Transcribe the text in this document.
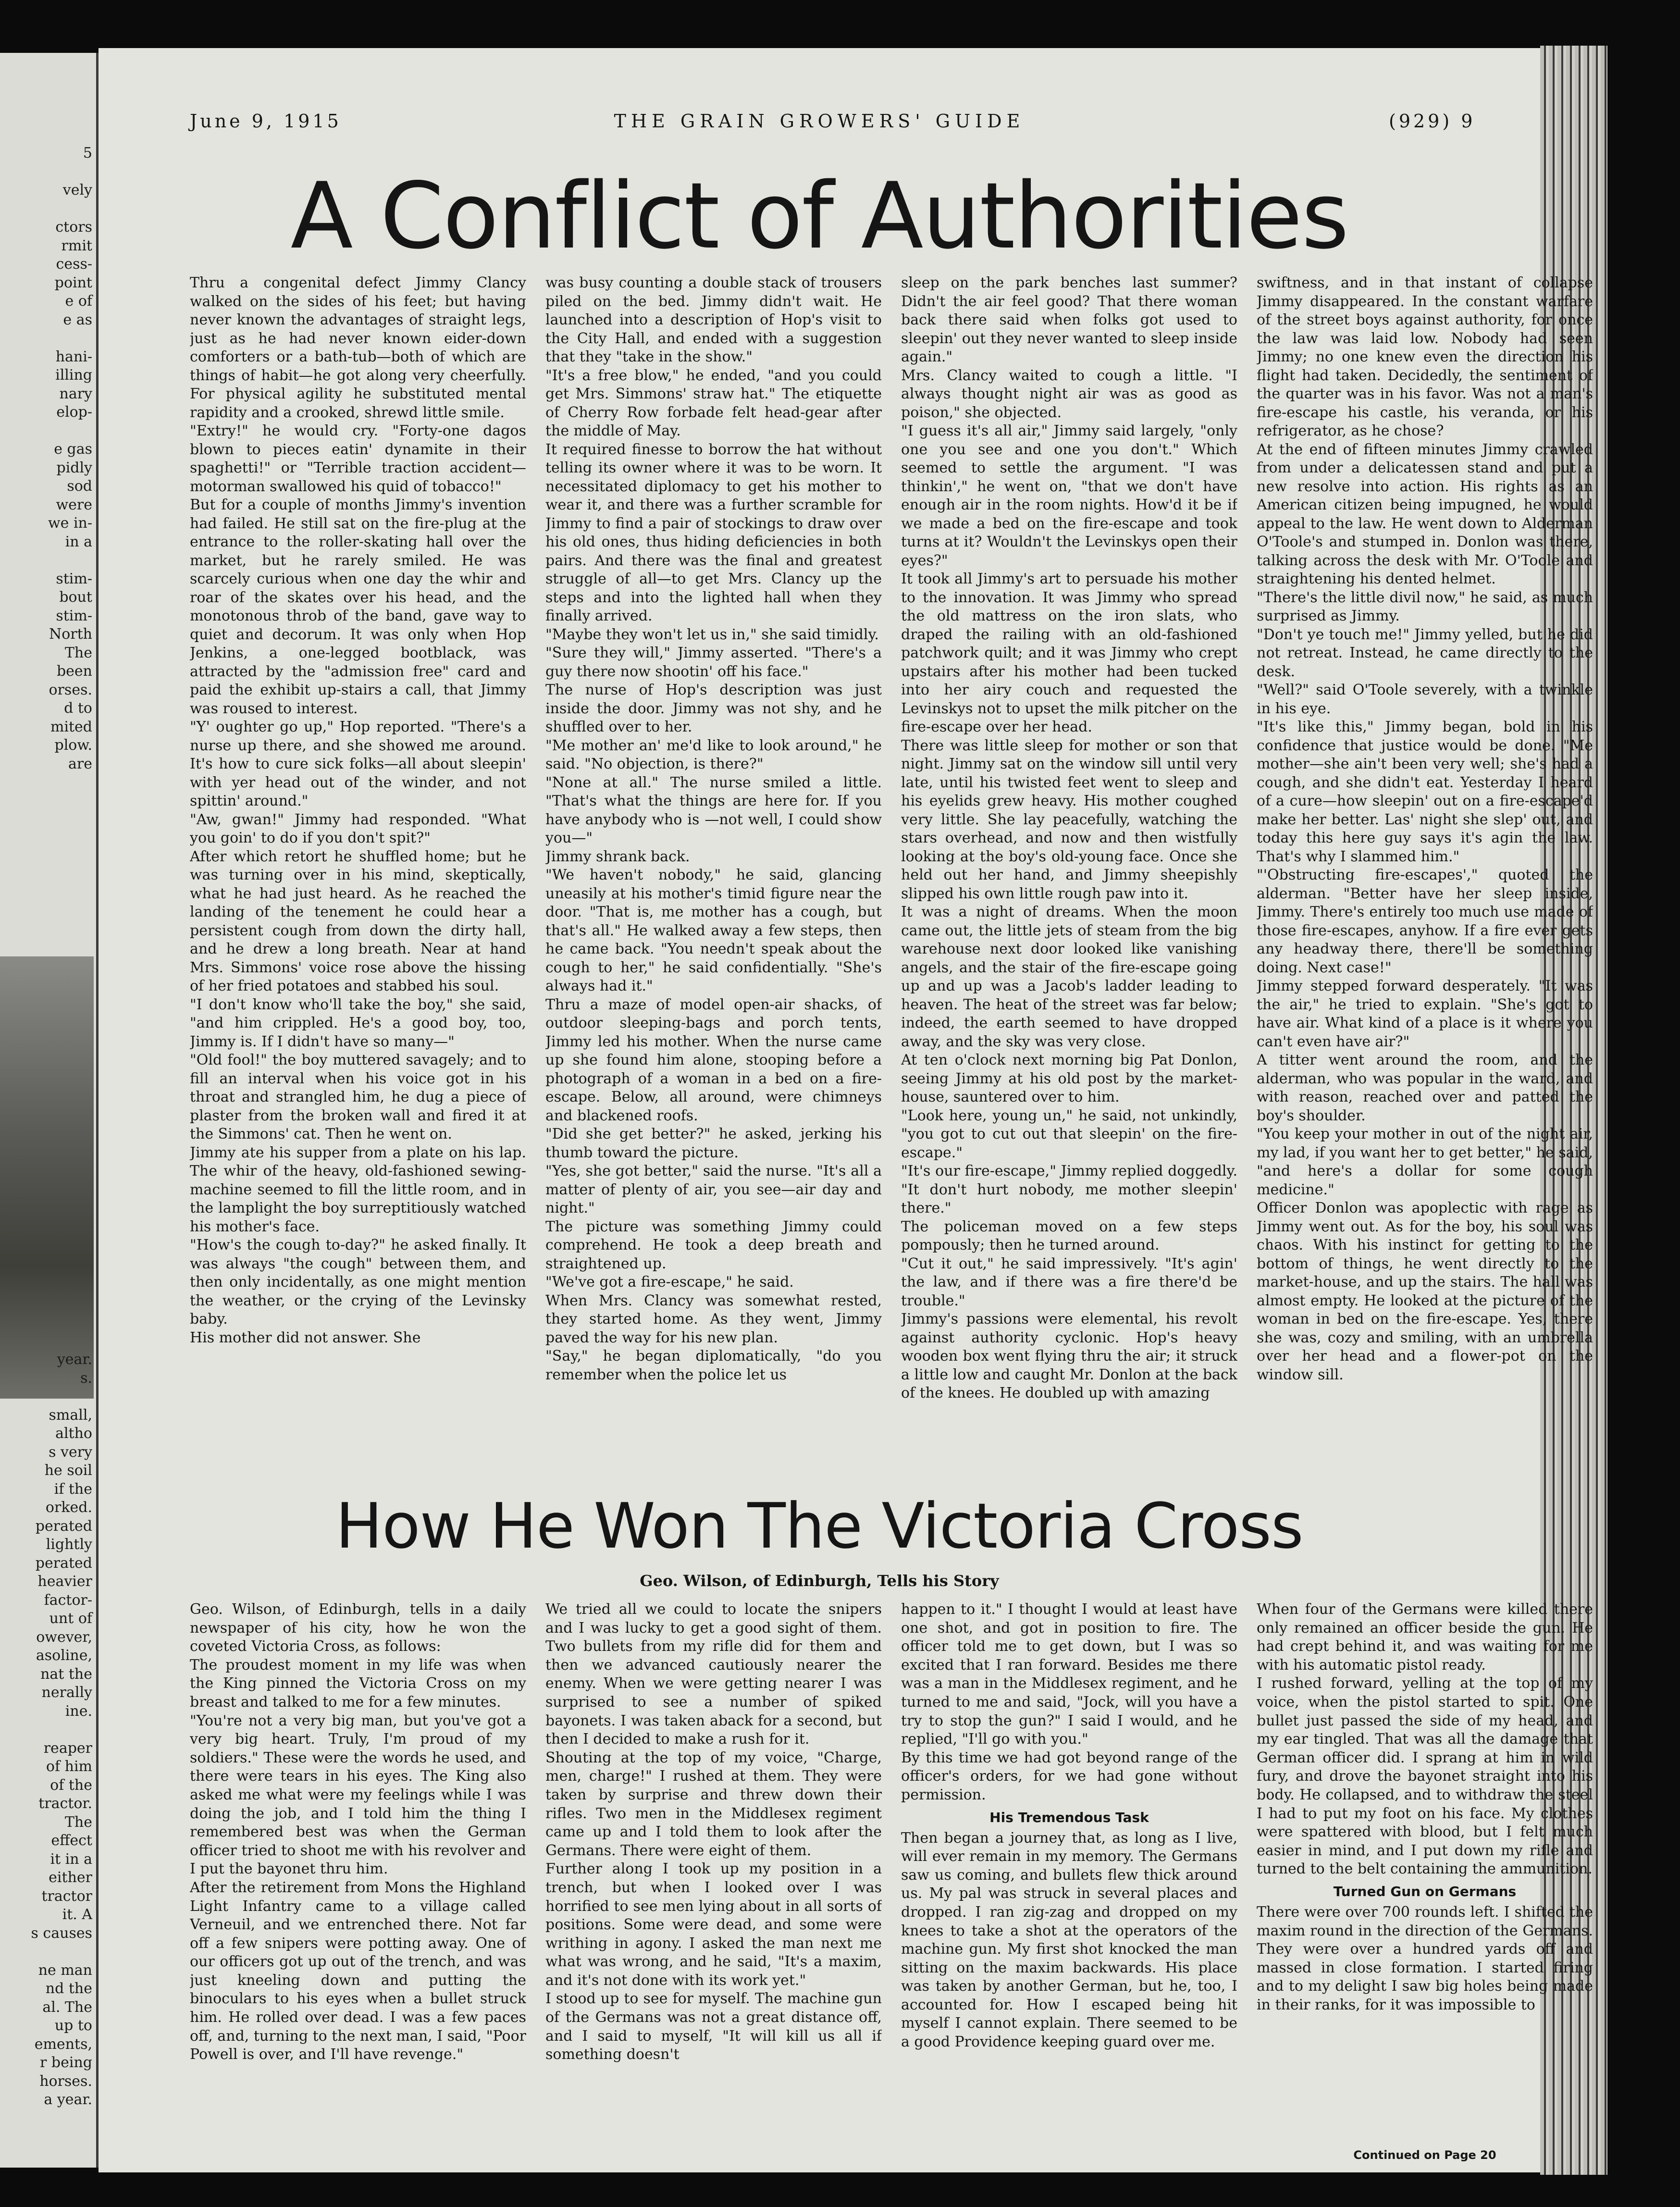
5

vely

ctors
rmit
cess-
point
e of
e as

hani-
illing
nary
elop-

e gas
pidly
sod
were
we in-
in a

stim-
bout
stim-
North
The
been
orses.
d to
mited
plow.
are
year.
s.

small,
altho
s very
he soil
if the
orked.
perated
lightly
perated
heavier
factor-
unt of
owever,
asoline,
nat the
nerally
ine.

reaper
of him
of the
tractor.
The
effect
it in a
either
tractor
it. A
s causes

ne man
nd the
al. The
up to
ements,
r being
horses.
a year.
June 9, 1915	THE GRAIN GROWERS' GUIDE	(929) 9
A Conflict of Authorities
Thru a congenital defect Jimmy Clancy walked on the sides of his feet; but having never known the advantages of straight legs, just as he had never known eider-down comforters or a bath-tub—both of which are things of habit—he got along very cheerfully. For physical agility he substituted mental rapidity and a crooked, shrewd little smile.
"Extry!" he would cry. "Forty-one dagos blown to pieces eatin' dynamite in their spaghetti!" or "Terrible traction accident—motorman swallowed his quid of tobacco!"
But for a couple of months Jimmy's invention had failed. He still sat on the fire-plug at the entrance to the roller-skating hall over the market, but he rarely smiled. He was scarcely curious when one day the whir and roar of the skates over his head, and the monotonous throb of the band, gave way to quiet and decorum. It was only when Hop Jenkins, a one-legged bootblack, was attracted by the "admission free" card and paid the exhibit up-stairs a call, that Jimmy was roused to interest.
"Y' oughter go up," Hop reported. "There's a nurse up there, and she showed me around. It's how to cure sick folks—all about sleepin' with yer head out of the winder, and not spittin' around."
"Aw, gwan!" Jimmy had responded. "What you goin' to do if you don't spit?"
After which retort he shuffled home; but he was turning over in his mind, skeptically, what he had just heard. As he reached the landing of the tenement he could hear a persistent cough from down the dirty hall, and he drew a long breath. Near at hand Mrs. Simmons' voice rose above the hissing of her fried potatoes and stabbed his soul.
"I don't know who'll take the boy," she said, "and him crippled. He's a good boy, too, Jimmy is. If I didn't have so many—"
"Old fool!" the boy muttered savagely; and to fill an interval when his voice got in his throat and strangled him, he dug a piece of plaster from the broken wall and fired it at the Simmons' cat. Then he went on.
Jimmy ate his supper from a plate on his lap. The whir of the heavy, old-fashioned sewing-machine seemed to fill the little room, and in the lamplight the boy surreptitiously watched his mother's face.
"How's the cough to-day?" he asked finally. It was always "the cough" between them, and then only incidentally, as one might mention the weather, or the crying of the Levinsky baby.
His mother did not answer. She
was busy counting a double stack of trousers piled on the bed. Jimmy didn't wait. He launched into a description of Hop's visit to the City Hall, and ended with a suggestion that they "take in the show."
"It's a free blow," he ended, "and you could get Mrs. Simmons' straw hat." The etiquette of Cherry Row forbade felt head-gear after the middle of May.
It required finesse to borrow the hat without telling its owner where it was to be worn. It necessitated diplomacy to get his mother to wear it, and there was a further scramble for Jimmy to find a pair of stockings to draw over his old ones, thus hiding deficiencies in both pairs. And there was the final and greatest struggle of all—to get Mrs. Clancy up the steps and into the lighted hall when they finally arrived.
"Maybe they won't let us in," she said timidly.
"Sure they will," Jimmy asserted. "There's a guy there now shootin' off his face."
The nurse of Hop's description was just inside the door. Jimmy was not shy, and he shuffled over to her.
"Me mother an' me'd like to look around," he said. "No objection, is there?"
"None at all." The nurse smiled a little. "That's what the things are here for. If you have anybody who is —not well, I could show you—"
Jimmy shrank back.
"We haven't nobody," he said, glancing uneasily at his mother's timid figure near the door. "That is, me mother has a cough, but that's all." He walked away a few steps, then he came back. "You needn't speak about the cough to her," he said confidentially. "She's always had it."
Thru a maze of model open-air shacks, of outdoor sleeping-bags and porch tents, Jimmy led his mother. When the nurse came up she found him alone, stooping before a photograph of a woman in a bed on a fire-escape. Below, all around, were chimneys and blackened roofs.
"Did she get better?" he asked, jerking his thumb toward the picture.
"Yes, she got better," said the nurse. "It's all a matter of plenty of air, you see—air day and night."
The picture was something Jimmy could comprehend. He took a deep breath and straightened up.
"We've got a fire-escape," he said.
When Mrs. Clancy was somewhat rested, they started home. As they went, Jimmy paved the way for his new plan.
"Say," he began diplomatically, "do you remember when the police let us
sleep on the park benches last summer? Didn't the air feel good? That there woman back there said when folks got used to sleepin' out they never wanted to sleep inside again."
Mrs. Clancy waited to cough a little. "I always thought night air was as good as poison," she objected.
"I guess it's all air," Jimmy said largely, "only one you see and one you don't." Which seemed to settle the argument. "I was thinkin'," he went on, "that we don't have enough air in the room nights. How'd it be if we made a bed on the fire-escape and took turns at it? Wouldn't the Levinskys open their eyes?"
It took all Jimmy's art to persuade his mother to the innovation. It was Jimmy who spread the old mattress on the iron slats, who draped the railing with an old-fashioned patchwork quilt; and it was Jimmy who crept upstairs after his mother had been tucked into her airy couch and requested the Levinskys not to upset the milk pitcher on the fire-escape over her head.
There was little sleep for mother or son that night. Jimmy sat on the window sill until very late, until his twisted feet went to sleep and his eyelids grew heavy. His mother coughed very little. She lay peacefully, watching the stars overhead, and now and then wistfully looking at the boy's old-young face. Once she held out her hand, and Jimmy sheepishly slipped his own little rough paw into it.
It was a night of dreams. When the moon came out, the little jets of steam from the big warehouse next door looked like vanishing angels, and the stair of the fire-escape going up and up was a Jacob's ladder leading to heaven. The heat of the street was far below; indeed, the earth seemed to have dropped away, and the sky was very close.
At ten o'clock next morning big Pat Donlon, seeing Jimmy at his old post by the market-house, sauntered over to him.
"Look here, young un," he said, not unkindly, "you got to cut out that sleepin' on the fire-escape."
"It's our fire-escape," Jimmy replied doggedly. "It don't hurt nobody, me mother sleepin' there."
The policeman moved on a few steps pompously; then he turned around.
"Cut it out," he said impressively. "It's agin' the law, and if there was a fire there'd be trouble."
Jimmy's passions were elemental, his revolt against authority cyclonic. Hop's heavy wooden box went flying thru the air; it struck a little low and caught Mr. Donlon at the back of the knees. He doubled up with amazing
swiftness, and in that instant of collapse Jimmy disappeared. In the constant warfare of the street boys against authority, for once the law was laid low. Nobody had seen Jimmy; no one knew even the direction his flight had taken. Decidedly, the sentiment of the quarter was in his favor. Was not a man's fire-escape his castle, his veranda, or his refrigerator, as he chose?
At the end of fifteen minutes Jimmy crawled from under a delicatessen stand and put a new resolve into action. His rights as an American citizen being impugned, he would appeal to the law. He went down to Alderman O'Toole's and stumped in. Donlon was there, talking across the desk with Mr. O'Toole and straightening his dented helmet.
"There's the little divil now," he said, as much surprised as Jimmy.
"Don't ye touch me!" Jimmy yelled, but he did not retreat. Instead, he came directly to the desk.
"Well?" said O'Toole severely, with a twinkle in his eye.
"It's like this," Jimmy began, bold in his confidence that justice would be done. "Me mother—she ain't been very well; she's had a cough, and she didn't eat. Yesterday I heard of a cure—how sleepin' out on a fire-escape'd make her better. Las' night she slep' out, and today this here guy says it's agin the law. That's why I slammed him."
"'Obstructing fire-escapes'," quoted the alderman. "Better have her sleep inside, Jimmy. There's entirely too much use made of those fire-escapes, anyhow. If a fire ever gets any headway there, there'll be something doing. Next case!"
Jimmy stepped forward desperately. "It was the air," he tried to explain. "She's got to have air. What kind of a place is it where you can't even have air?"
A titter went around the room, and the alderman, who was popular in the ward, and with reason, reached over and patted the boy's shoulder.
"You keep your mother in out of the night air, my lad, if you want her to get better," he said, "and here's a dollar for some cough medicine."
Officer Donlon was apoplectic with rage as Jimmy went out. As for the boy, his soul was chaos. With his instinct for getting to the bottom of things, he went directly to the market-house, and up the stairs. The hall was almost empty. He looked at the picture of the woman in bed on the fire-escape. Yes, there she was, cozy and smiling, with an umbrella over her head and a flower-pot on the window sill.
How He Won The Victoria Cross
Geo. Wilson, of Edinburgh, Tells his Story
Geo. Wilson, of Edinburgh, tells in a daily newspaper of his city, how he won the coveted Victoria Cross, as follows:
The proudest moment in my life was when the King pinned the Victoria Cross on my breast and talked to me for a few minutes.
"You're not a very big man, but you've got a very big heart. Truly, I'm proud of my soldiers." These were the words he used, and there were tears in his eyes. The King also asked me what were my feelings while I was doing the job, and I told him the thing I remembered best was when the German officer tried to shoot me with his revolver and I put the bayonet thru him.
After the retirement from Mons the Highland Light Infantry came to a village called Verneuil, and we entrenched there. Not far off a few snipers were potting away. One of our officers got up out of the trench, and was just kneeling down and putting the binoculars to his eyes when a bullet struck him. He rolled over dead. I was a few paces off, and, turning to the next man, I said, "Poor Powell is over, and I'll have revenge."
We tried all we could to locate the snipers and I was lucky to get a good sight of them. Two bullets from my rifle did for them and then we advanced cautiously nearer the enemy. When we were getting nearer I was surprised to see a number of spiked bayonets. I was taken aback for a second, but then I decided to make a rush for it.
Shouting at the top of my voice, "Charge, men, charge!" I rushed at them. They were taken by surprise and threw down their rifles. Two men in the Middlesex regiment came up and I told them to look after the Germans. There were eight of them.
Further along I took up my position in a trench, but when I looked over I was horrified to see men lying about in all sorts of positions. Some were dead, and some were writhing in agony. I asked the man next me what was wrong, and he said, "It's a maxim, and it's not done with its work yet."
I stood up to see for myself. The machine gun of the Germans was not a great distance off, and I said to myself, "It will kill us all if something doesn't
happen to it." I thought I would at least have one shot, and got in position to fire. The officer told me to get down, but I was so excited that I ran forward. Besides me there was a man in the Middlesex regiment, and he turned to me and said, "Jock, will you have a try to stop the gun?" I said I would, and he replied, "I'll go with you."
By this time we had got beyond range of the officer's orders, for we had gone without permission.
His Tremendous Task
Then began a journey that, as long as I live, will ever remain in my memory. The Germans saw us coming, and bullets flew thick around us. My pal was struck in several places and dropped. I ran zig-zag and dropped on my knees to take a shot at the operators of the machine gun. My first shot knocked the man sitting on the maxim backwards. His place was taken by another German, but he, too, I accounted for. How I escaped being hit myself I cannot explain. There seemed to be a good Providence keeping guard over me.
When four of the Germans were killed there only remained an officer beside the gun. He had crept behind it, and was waiting for me with his automatic pistol ready.
I rushed forward, yelling at the top of my voice, when the pistol started to spit. One bullet just passed the side of my head, and my ear tingled. That was all the damage that German officer did. I sprang at him in wild fury, and drove the bayonet straight into his body. He collapsed, and to withdraw the steel I had to put my foot on his face. My clothes were spattered with blood, but I felt much easier in mind, and I put down my rifle and turned to the belt containing the ammunition.
Turned Gun on Germans
There were over 700 rounds left. I shifted the maxim round in the direction of the Germans. They were over a hundred yards off and massed in close formation. I started firing and to my delight I saw big holes being made in their ranks, for it was impossible to
Continued on Page 20
